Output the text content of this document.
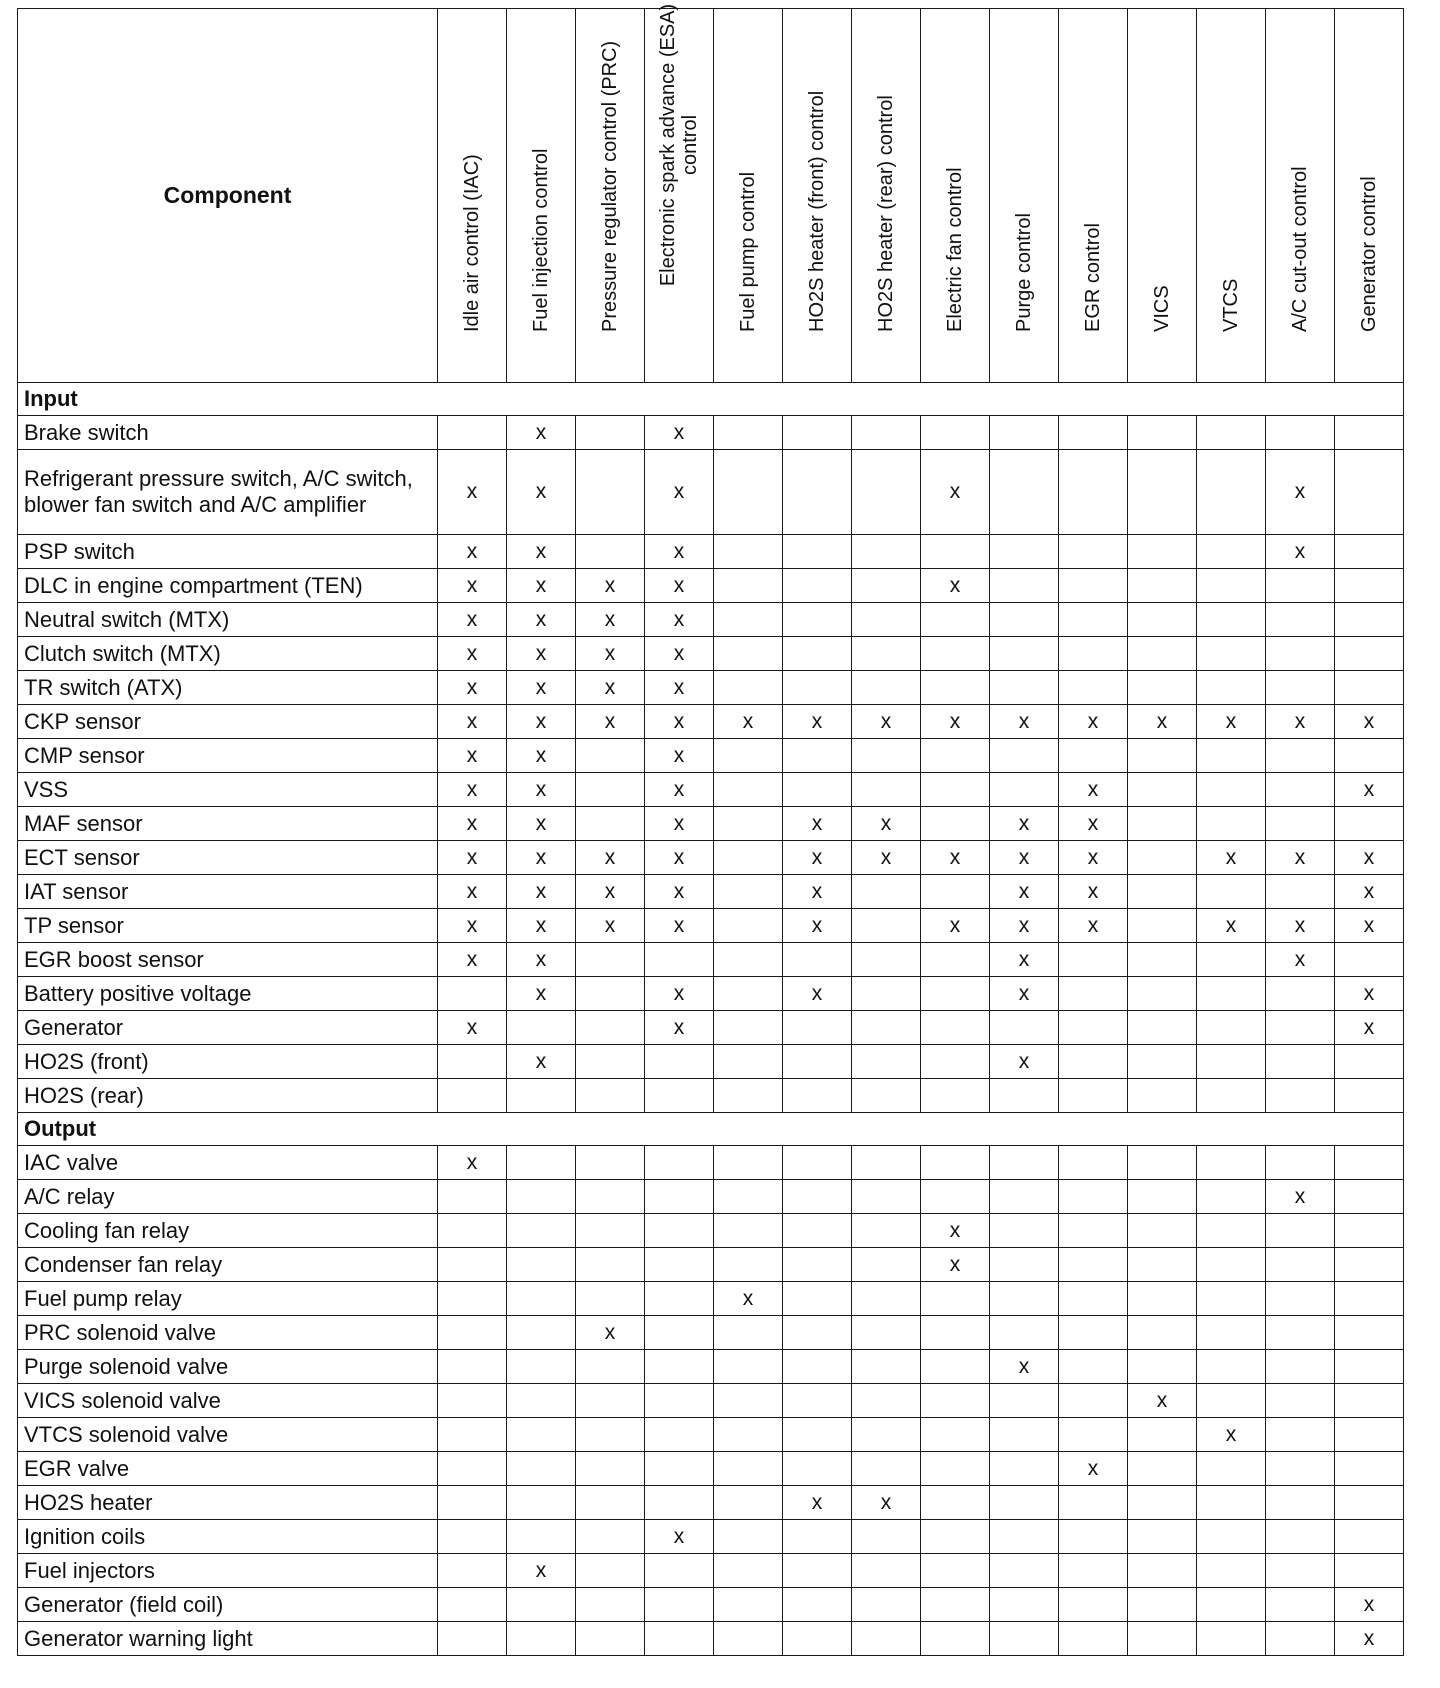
Component	Idle air control (IAC)	Fuel injection control	Pressure regulator control (PRC)	Electronic spark advance (ESA) control	Fuel pump control	HO2S heater (front) control	HO2S heater (rear) control	Electric fan control	Purge control	EGR control	VICS	VTCS	A/C cut-out control	Generator control

Input														
Brake switch		x		x										
Refrigerant pressure switch, A/C switch, blower fan switch and A/C amplifier	x	x		x				x					x	
PSP switch	x	x		x									x	
DLC in engine compartment (TEN)	x	x	x	x				x						
Neutral switch (MTX)	x	x	x	x										
Clutch switch (MTX)	x	x	x	x										
TR switch (ATX)	x	x	x	x										
CKP sensor	x	x	x	x	x	x	x	x	x	x	x	x	x	x
CMP sensor	x	x		x										
VSS	x	x		x						x				x
MAF sensor	x	x		x		x	x		x	x				
ECT sensor	x	x	x	x		x	x	x	x	x		x	x	x
IAT sensor	x	x	x	x		x			x	x				x
TP sensor	x	x	x	x		x		x	x	x		x	x	x
EGR boost sensor	x	x							x				x	
Battery positive voltage		x		x		x			x					x
Generator	x			x										x
HO2S (front)		x							x					
HO2S (rear)														
Output														
IAC valve	x													
A/C relay													x	
Cooling fan relay								x						
Condenser fan relay								x						
Fuel pump relay					x									
PRC solenoid valve			x											
Purge solenoid valve									x					
VICS solenoid valve											x			
VTCS solenoid valve												x		
EGR valve										x				
HO2S heater						x	x							
Ignition coils				x										
Fuel injectors		x												
Generator (field coil)														x
Generator warning light														x
